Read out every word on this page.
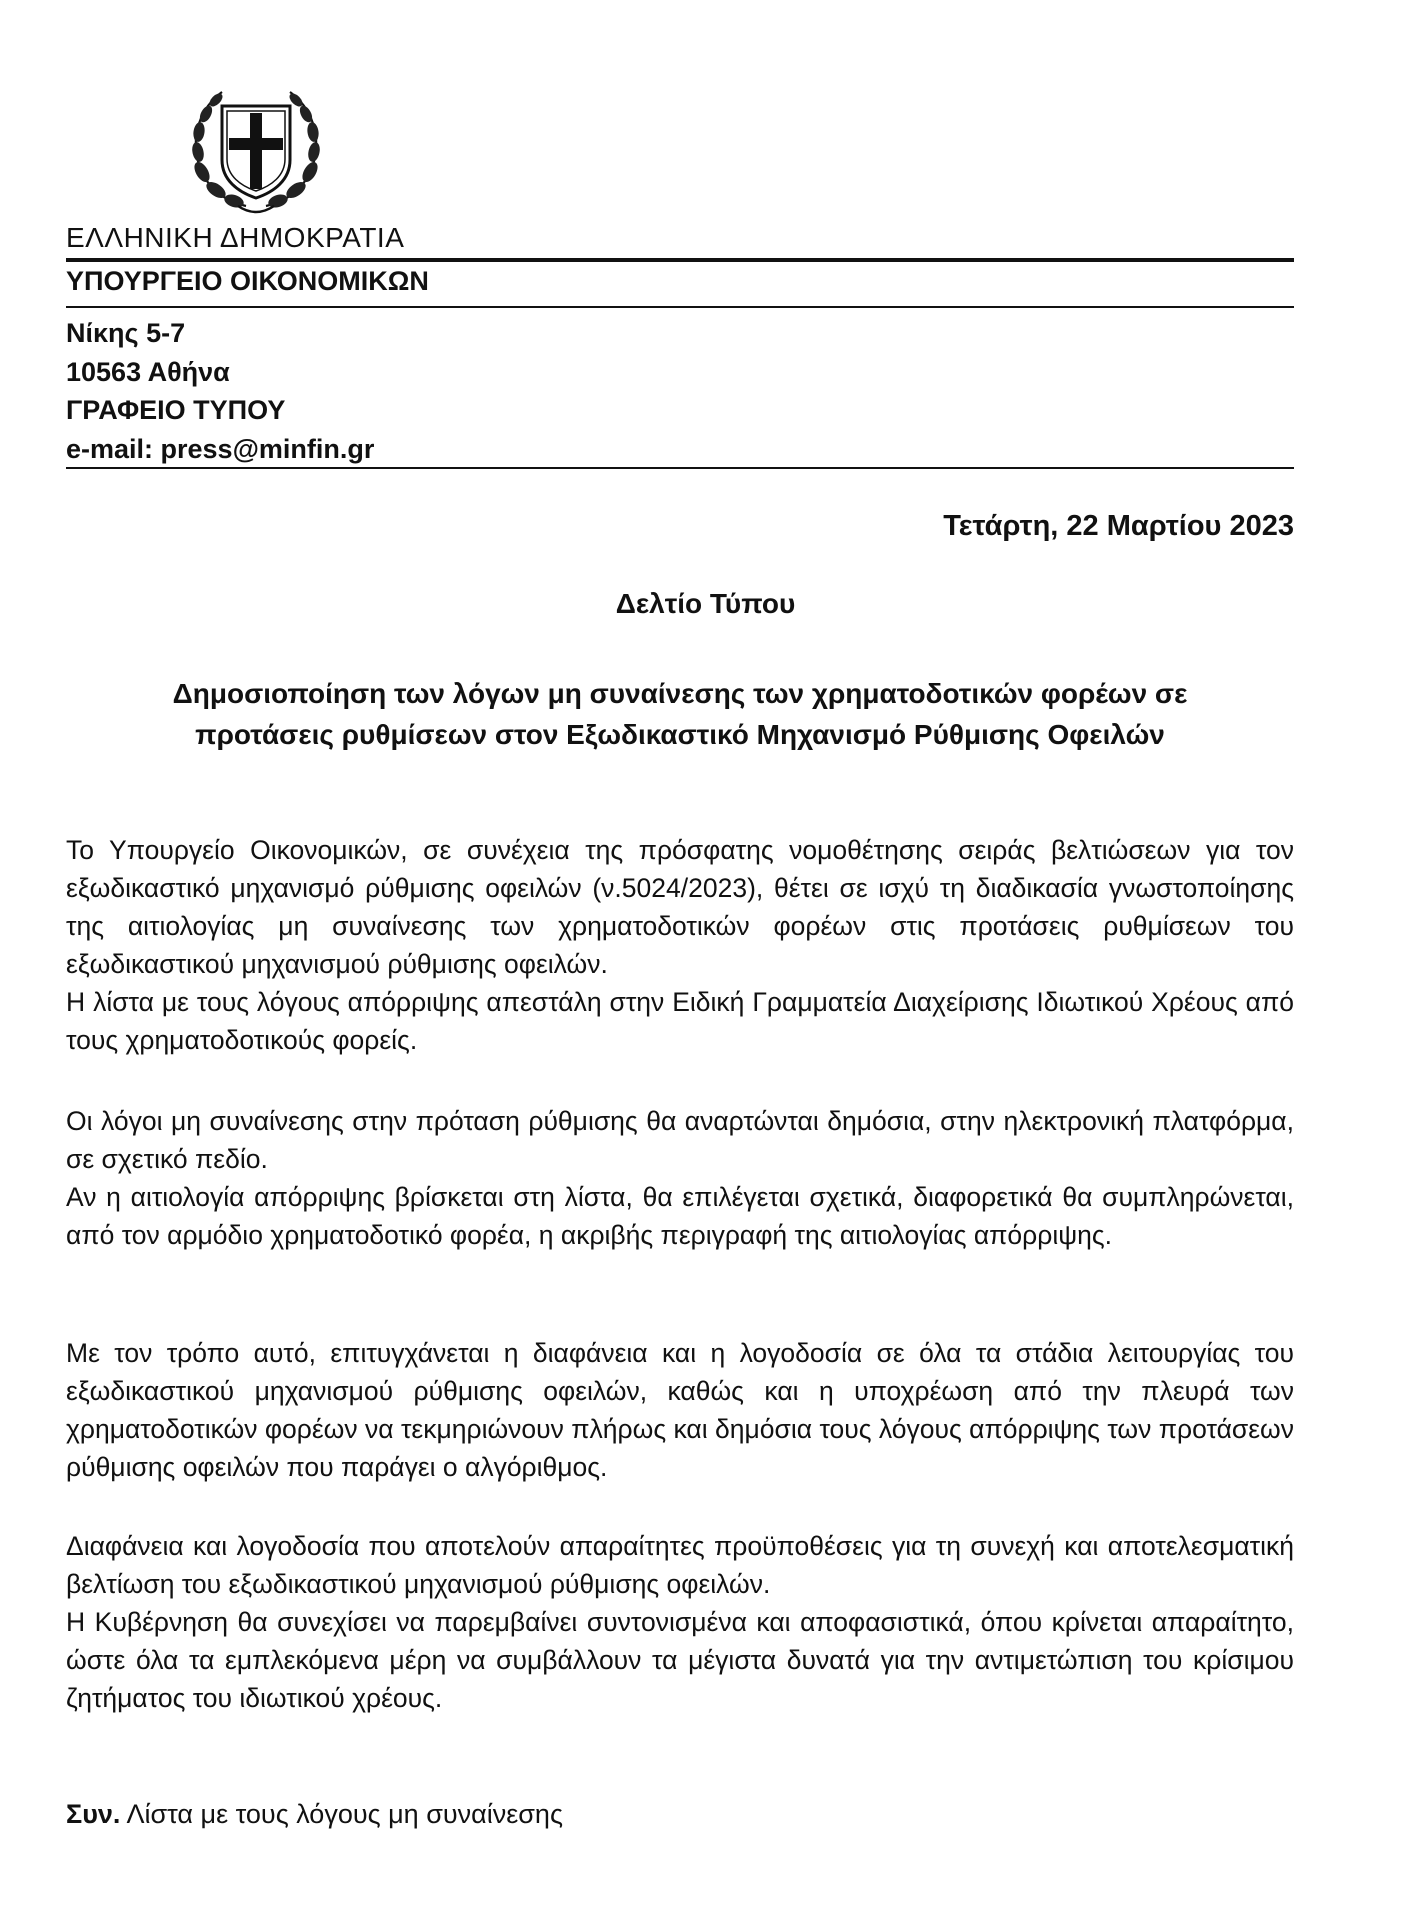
ΕΛΛΗΝΙΚΗ ΔΗΜΟΚΡΑΤΙΑ
ΥΠΟΥΡΓΕΙΟ ΟΙΚΟΝΟΜΙΚΩΝ
Νίκης 5-7
10563 Αθήνα
ΓΡΑΦΕΙΟ ΤΥΠΟΥ
e-mail: press@minfin.gr
Τετάρτη, 22 Μαρτίου 2023
Δελτίο Τύπου
Δημοσιοποίηση των λόγων μη συναίνεσης των χρηματοδοτικών φορέων σε
προτάσεις ρυθμίσεων στον Εξωδικαστικό Μηχανισμό Ρύθμισης Οφειλών

Το Υπουργείο Οικονομικών, σε συνέχεια της πρόσφατης νομοθέτησης σειράς βελτιώσεων για τον εξωδικαστικό μηχανισμό ρύθμισης οφειλών (ν.5024/2023), θέτει σε ισχύ τη διαδικασία γνωστοποίησης της αιτιολογίας μη συναίνεσης των χρηματοδοτικών φορέων στις προτάσεις ρυθμίσεων του εξωδικαστικού μηχανισμού ρύθμισης οφειλών.

Η λίστα με τους λόγους απόρριψης απεστάλη στην Ειδική Γραμματεία Διαχείρισης Ιδιωτικού Χρέους από τους χρηματοδοτικούς φορείς.

Οι λόγοι μη συναίνεσης στην πρόταση ρύθμισης θα αναρτώνται δημόσια, στην ηλεκτρονική πλατφόρμα, σε σχετικό πεδίο.

Αν η αιτιολογία απόρριψης βρίσκεται στη λίστα, θα επιλέγεται σχετικά, διαφορετικά θα συμπληρώνεται, από τον αρμόδιο χρηματοδοτικό φορέα, η ακριβής περιγραφή της αιτιολογίας απόρριψης.

Με τον τρόπο αυτό, επιτυγχάνεται η διαφάνεια και η λογοδοσία σε όλα τα στάδια λειτουργίας του εξωδικαστικού μηχανισμού ρύθμισης οφειλών, καθώς και η υποχρέωση από την πλευρά των χρηματοδοτικών φορέων να τεκμηριώνουν πλήρως και δημόσια τους λόγους απόρριψης των προτάσεων ρύθμισης οφειλών που παράγει ο αλγόριθμος.

Διαφάνεια και λογοδοσία που αποτελούν απαραίτητες προϋποθέσεις για τη συνεχή και αποτελεσματική βελτίωση του εξωδικαστικού μηχανισμού ρύθμισης οφειλών.

Η Κυβέρνηση θα συνεχίσει να παρεμβαίνει συντονισμένα και αποφασιστικά, όπου κρίνεται απαραίτητο, ώστε όλα τα εμπλεκόμενα μέρη να συμβάλλουν τα μέγιστα δυνατά για την αντιμετώπιση του κρίσιμου ζητήματος του ιδιωτικού χρέους.

Συν. Λίστα με τους λόγους μη συναίνεσης
